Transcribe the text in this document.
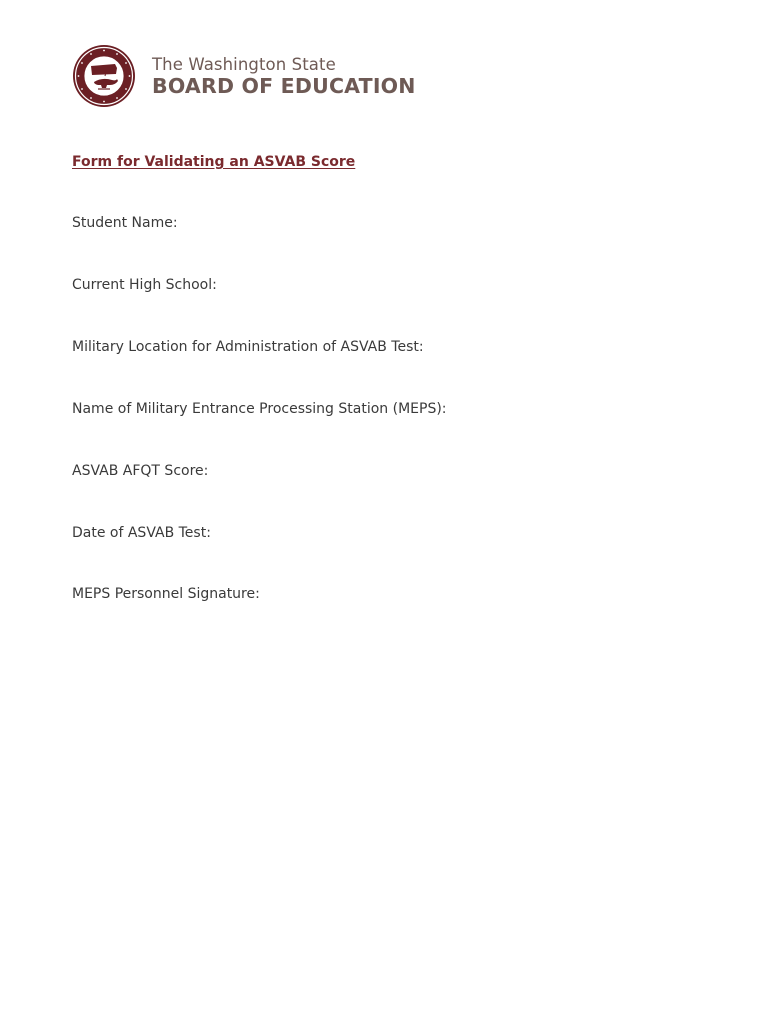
The Washington State
BOARD OF EDUCATION
Form for Validating an ASVAB Score
Student Name:
Current High School:
Military Location for Administration of ASVAB Test:
Name of Military Entrance Processing Station (MEPS):
ASVAB AFQT Score:
Date of ASVAB Test:
MEPS Personnel Signature:
